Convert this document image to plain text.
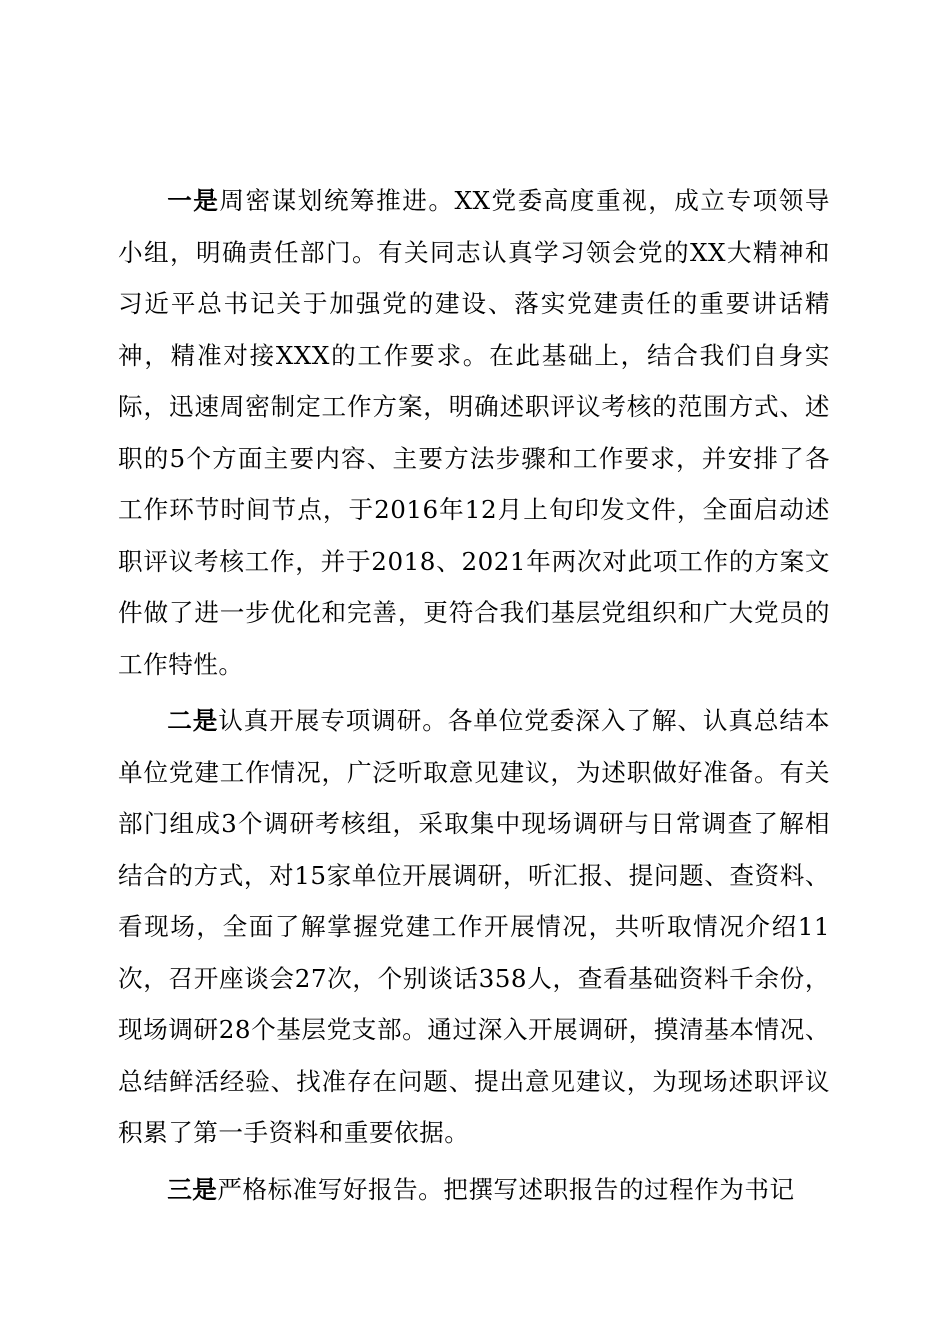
一是周密谋划统筹推进。XX党委高度重视，成立专项领导小组，明确责任部门。有关同志认真学习领会党的XX大精神和习近平总书记关于加强党的建设、落实党建责任的重要讲话精神，精准对接XXX的工作要求。在此基础上，结合我们自身实际，迅速周密制定工作方案，明确述职评议考核的范围方式、述职的5个方面主要内容、主要方法步骤和工作要求，并安排了各工作环节时间节点，于2016年12月上旬印发文件，全面启动述职评议考核工作，并于2018、2021年两次对此项工作的方案文件做了进一步优化和完善，更符合我们基层党组织和广大党员的工作特性。

二是认真开展专项调研。各单位党委深入了解、认真总结本单位党建工作情况，广泛听取意见建议，为述职做好准备。有关部门组成3个调研考核组，采取集中现场调研与日常调查了解相结合的方式，对15家单位开展调研，听汇报、提问题、查资料、看现场，全面了解掌握党建工作开展情况，共听取情况介绍11次，召开座谈会27次，个别谈话358人，查看基础资料千余份，现场调研28个基层党支部。通过深入开展调研，摸清基本情况、总结鲜活经验、找准存在问题、提出意见建议，为现场述职评议积累了第一手资料和重要依据。

三是严格标准写好报告。把撰写述职报告的过程作为书记
